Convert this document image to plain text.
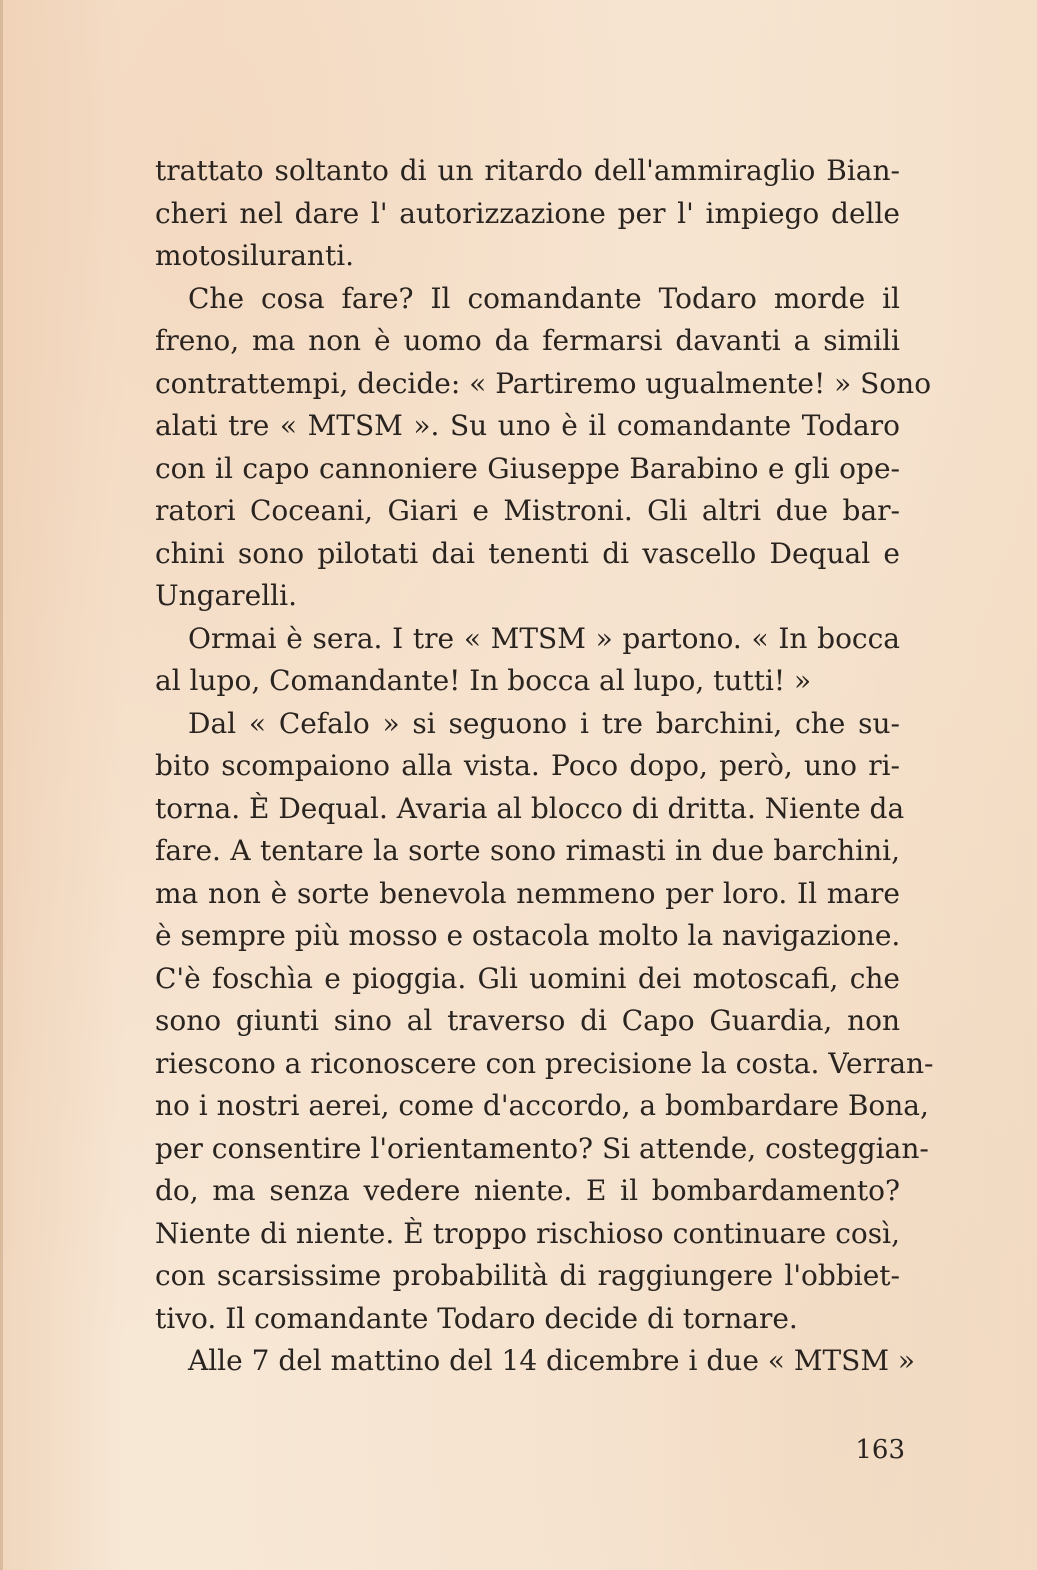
trattato soltanto di un ritardo dell'ammiraglio Bian-
cheri nel dare l' autorizzazione per l' impiego delle
motosiluranti.
Che cosa fare? Il comandante Todaro morde il
freno, ma non è uomo da fermarsi davanti a simili
contrattempi, decide: « Partiremo ugualmente! » Sono
alati tre « MTSM ». Su uno è il comandante Todaro
con il capo cannoniere Giuseppe Barabino e gli ope-
ratori Coceani, Giari e Mistroni. Gli altri due bar-
chini sono pilotati dai tenenti di vascello Dequal e
Ungarelli.
Ormai è sera. I tre « MTSM » partono. « In bocca
al lupo, Comandante! In bocca al lupo, tutti! »
Dal « Cefalo » si seguono i tre barchini, che su-
bito scompaiono alla vista. Poco dopo, però, uno ri-
torna. È Dequal. Avaria al blocco di dritta. Niente da
fare. A tentare la sorte sono rimasti in due barchini,
ma non è sorte benevola nemmeno per loro. Il mare
è sempre più mosso e ostacola molto la navigazione.
C'è foschìa e pioggia. Gli uomini dei motoscafi, che
sono giunti sino al traverso di Capo Guardia, non
riescono a riconoscere con precisione la costa. Verran-
no i nostri aerei, come d'accordo, a bombardare Bona,
per consentire l'orientamento? Si attende, costeggian-
do, ma senza vedere niente. E il bombardamento?
Niente di niente. È troppo rischioso continuare così,
con scarsissime probabilità di raggiungere l'obbiet-
tivo. Il comandante Todaro decide di tornare.
Alle 7 del mattino del 14 dicembre i due « MTSM »
163
